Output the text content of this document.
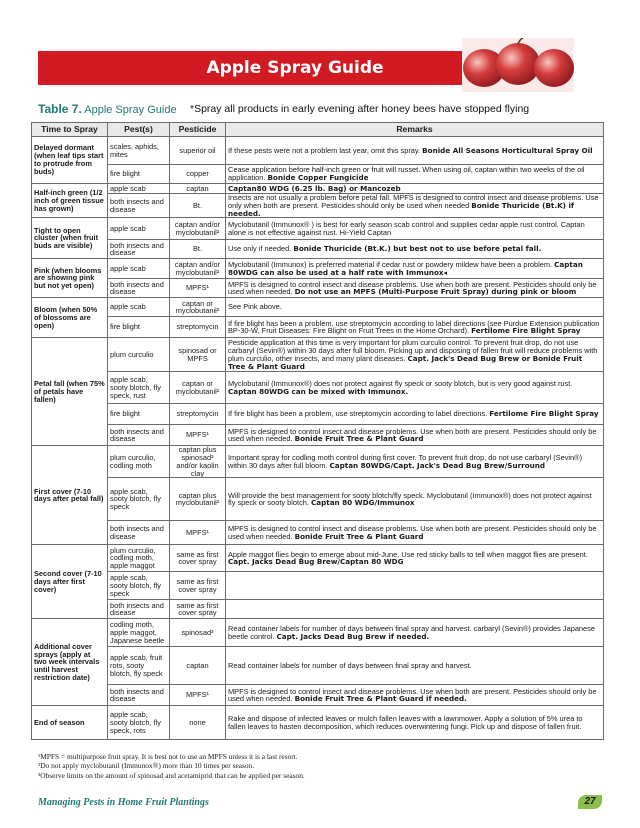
Apple Spray Guide
Table 7. Apple Spray Guide *Spray all products in early evening after honey bees have stopped flying
Time to Spray	Pest(s)	Pesticide	Remarks
Delayed dormant (when leaf tips start to protrude from buds)	scales, aphids, mites	superior oil	If these pests were not a problem last year, omit this spray. Bonide All Seasons Horticultural Spray Oil
	fire blight	copper	Cease application before half-inch green or fruit will russet. When using oil, captan within two weeks of the oil application. Bonide Copper Fungicide
Half-inch green (1/2 inch of green tissue has grown)	apple scab	captan	Captan80 WDG (6.25 lb. Bag) or Mancozeb
	both insects and disease	Bt.	Insects are not usually a problem before petal fall. MPFS is designed to control insect and disease problems. Use only when both are present. Pesticides should only be used when needed Bonide Thuricide (Bt.K) if needed.
Tight to open cluster (when fruit buds are visible)	apple scab	captan and/or myclobutanil²	Myclobutanil (Immunox® ) is best for early season scab control and supplies cedar apple rust control. Captan alone is not effective against rust. Hi-Yield Captan
	both insects and disease	Bt.	Use only if needed. Bonide Thuricide (Bt.K.) but best not to use before petal fall.
Pink (when blooms are showing pink but not yet open)	apple scab	captan and/or myclobutanil²	Myclobutanil (Immunox) is preferred material if cedar rust or powdery mildew have been a problem. Captan 80WDG can also be used at a half rate with Immunox◂
	both insects and disease	MPFS¹	MPFS is designed to control insect and disease problems. Use when both are present. Pesticides should only be used when needed. Do not use an MPFS (Multi-Purpose Fruit Spray) during pink or bloom
Bloom (when 50% of blossoms are open)	apple scab	captan or myclobutanil²	See Pink above.
	fire blight	streptomycin	If fire blight has been a problem, use streptomycin according to label directions (see Purdue Extension publication BP-30-W, Fruit Diseases: Fire Blight on Fruit Trees in the Home Orchard). Fertilome Fire Blight Spray
Petal fall (when 75% of petals have fallen)	plum curculio	spinosad or MPFS	Pesticide application at this time is very important for plum curculio control. To prevent fruit drop, do not use carbaryl (Sevin®) within 30 days after full bloom. Picking up and disposing of fallen fruit will reduce problems with plum curculio, other insects, and many plant diseases. Capt. Jack's Dead Bug Brew or Bonide Fruit Tree & Plant Guard
	apple scab, sooty blotch, fly speck, rust	captan or myclobutanil²	Myclobutanil (Immunox®) does not protect against fly speck or sooty blotch, but is very good against rust. Captan 80WDG can be mixed with Immunox.
	fire blight	streptomycin	If fire blight has been a problem, use streptomycin according to label directions. Fertilome Fire Blight Spray
	both insects and disease	MPFS¹	MPFS is designed to control insect and disease problems. Use when both are present. Pesticides should only be used when needed. Bonide Fruit Tree & Plant Guard
First cover (7-10 days after petal fall)	plum curculio, codling moth	captan plus spinosad³ and/or kaolin clay	Important spray for codling moth control during first cover. To prevent fruit drop, do not use carbaryl (Sevin®) within 30 days after full bloom. Captan 80WDG/Capt. Jack's Dead Bug Brew/Surround
	apple scab, sooty blotch, fly speck	captan plus myclobutanil²	Will provide the best management for sooty blotch/fly speck. Myclobutanil (Immunox®) does not protect against fly speck or sooty blotch. Captan 80 WDG/Immunox
	both insects and disease	MPFS¹	MPFS is designed to control insect and disease problems. Use when both are present. Pesticides should only be used when needed. Bonide Fruit Tree & Plant Guard
Second cover (7-10 days after first cover)	plum curculio, codling moth, apple maggot	same as first cover spray	Apple maggot flies begin to emerge about mid-June. Use red sticky balls to tell when maggot flies are present. Capt. Jacks Dead Bug Brew/Captan 80 WDG
	apple scab, sooty blotch, fly speck	same as first cover spray	
	both insects and disease	same as first cover spray	
Additional cover sprays (apply at two week intervals until harvest restriction date)	codling moth, apple maggot, Japanese beetle	spinosad³	Read container labels for number of days between final spray and harvest. carbaryl (Sevin®) provides Japanese beetle control. Capt. Jacks Dead Bug Brew if needed.
	apple scab, fruit rots, sooty blotch, fly speck	captan	Read container labels for number of days between final spray and harvest.
	both insects and disease	MPFS¹	MPFS is designed to control insect and disease problems. Use when both are present. Pesticides should only be used when needed. Bonide Fruit Tree & Plant Guard if needed.
End of season	apple scab, sooty blotch, fly speck, rots	none	Rake and dispose of infected leaves or mulch fallen leaves with a lawnmower. Apply a solution of 5% urea to fallen leaves to hasten decomposition, which reduces overwintering fungi. Pick up and dispose of fallen fruit.
¹MPFS = multipurpose fruit spray. It is best not to use an MPFS unless it is a last resort.
²Do not apply myclobutanil (Immunox®) more than 10 times per season.
³Observe limits on the amount of spinosad and acetamiprid that can be applied per season.
Managing Pests in Home Fruit Plantings	27
